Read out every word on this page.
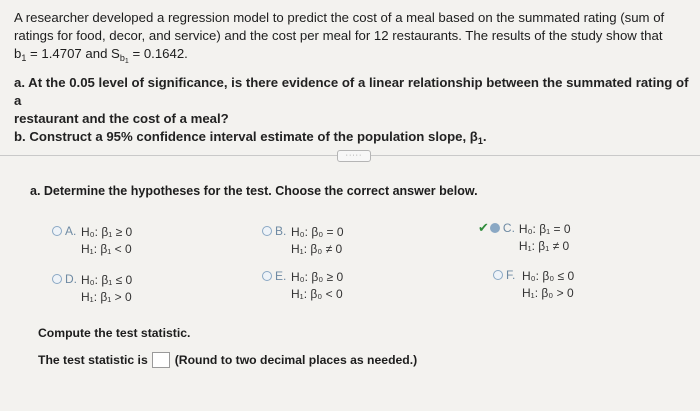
A researcher developed a regression model to predict the cost of a meal based on the summated rating (sum of

ratings for food, decor, and service) and the cost per meal for 12 restaurants. The results of the study show that

$b_1 = 1.4707$ and $S_{b_1} = 0.1642$.

a. At the 0.05 level of significance, is there evidence of a linear relationship between the summated rating of a

restaurant and the cost of a meal?

b. Construct a 95% confidence interval estimate of the population slope, $\beta_1$.

·····
a. Determine the hypotheses for the test. Choose the correct answer below.
A. H₀: β₁ ≥ 0
H₁: β₁ < 0
B. H₀: β₀ = 0
H₁: β₀ ≠ 0
✔ C. H₀: β₁ = 0
H₁: β₁ ≠ 0
D. H₀: β₁ ≤ 0
H₁: β₁ > 0
E. H₀: β₀ ≥ 0
H₁: β₀ < 0
F. H₀: β₀ ≤ 0
H₁: β₀ > 0
Compute the test statistic.
The test statistic is (Round to two decimal places as needed.)
